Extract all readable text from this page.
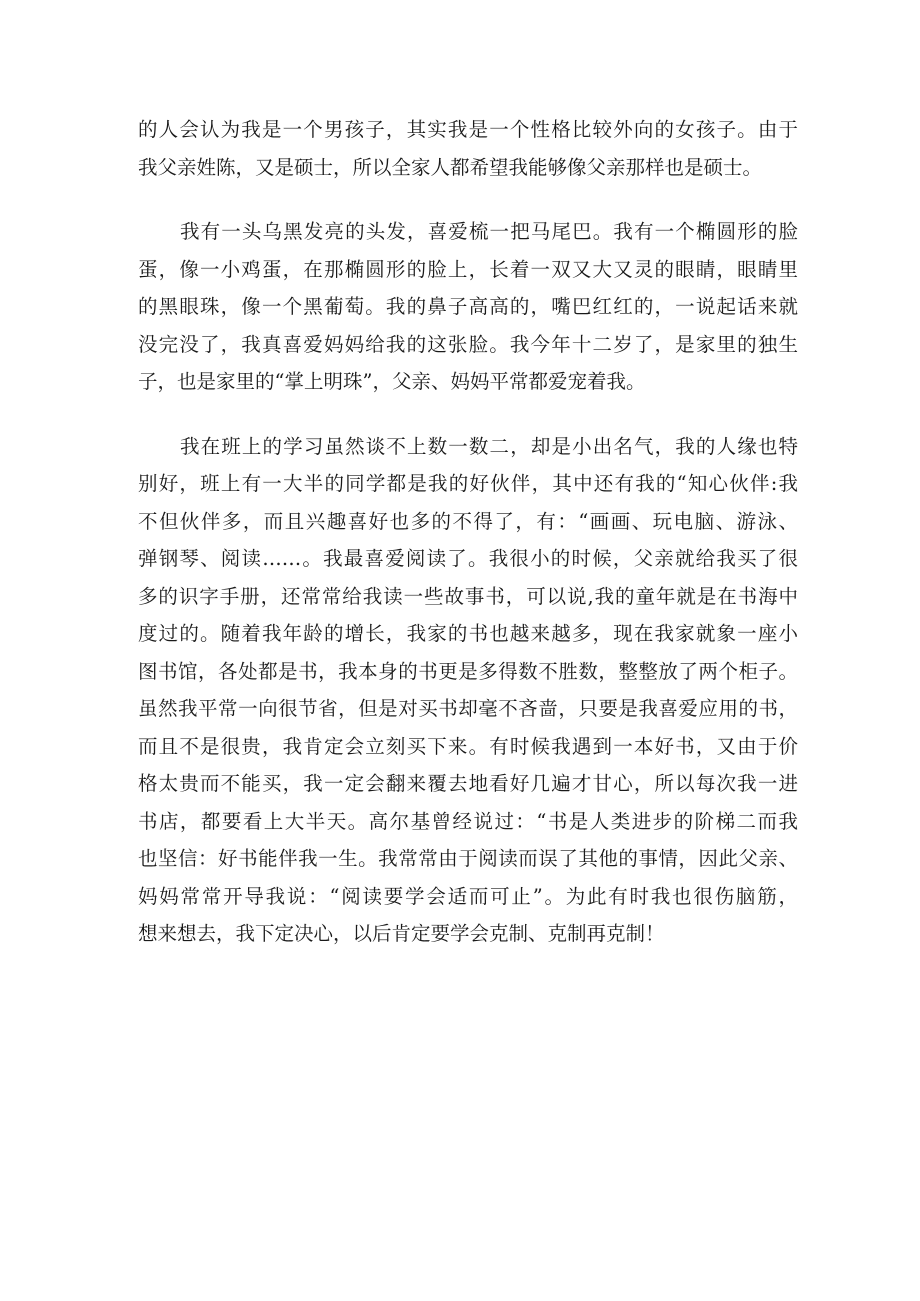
的人会认为我是一个男孩子，其实我是一个性格比较外向的女孩子。由于
我父亲姓陈，又是硕士，所以全家人都希望我能够像父亲那样也是硕士。
我有一头乌黑发亮的头发，喜爱梳一把马尾巴。我有一个椭圆形的脸
蛋，像一小鸡蛋，在那椭圆形的脸上，长着一双又大又灵的眼睛，眼睛里
的黑眼珠，像一个黑葡萄。我的鼻子高高的，嘴巴红红的，一说起话来就
没完没了，我真喜爱妈妈给我的这张脸。我今年十二岁了，是家里的独生
子，也是家里的“掌上明珠”，父亲、妈妈平常都爱宠着我。
我在班上的学习虽然谈不上数一数二，却是小出名气，我的人缘也特
别好，班上有一大半的同学都是我的好伙伴，其中还有我的“知心伙伴:我
不但伙伴多，而且兴趣喜好也多的不得了，有：“画画、玩电脑、游泳、
弹钢琴、阅读……。我最喜爱阅读了。我很小的时候，父亲就给我买了很
多的识字手册，还常常给我读一些故事书，可以说,我的童年就是在书海中
度过的。随着我年龄的增长，我家的书也越来越多，现在我家就象一座小
图书馆，各处都是书，我本身的书更是多得数不胜数，整整放了两个柜子。
虽然我平常一向很节省，但是对买书却毫不吝啬，只要是我喜爱应用的书，
而且不是很贵，我肯定会立刻买下来。有时候我遇到一本好书，又由于价
格太贵而不能买，我一定会翻来覆去地看好几遍才甘心，所以每次我一进
书店，都要看上大半天。高尔基曾经说过：“书是人类进步的阶梯二而我
也坚信：好书能伴我一生。我常常由于阅读而误了其他的事情，因此父亲、
妈妈常常开导我说：“阅读要学会适而可止”。为此有时我也很伤脑筋，
想来想去，我下定决心，以后肯定要学会克制、克制再克制！
